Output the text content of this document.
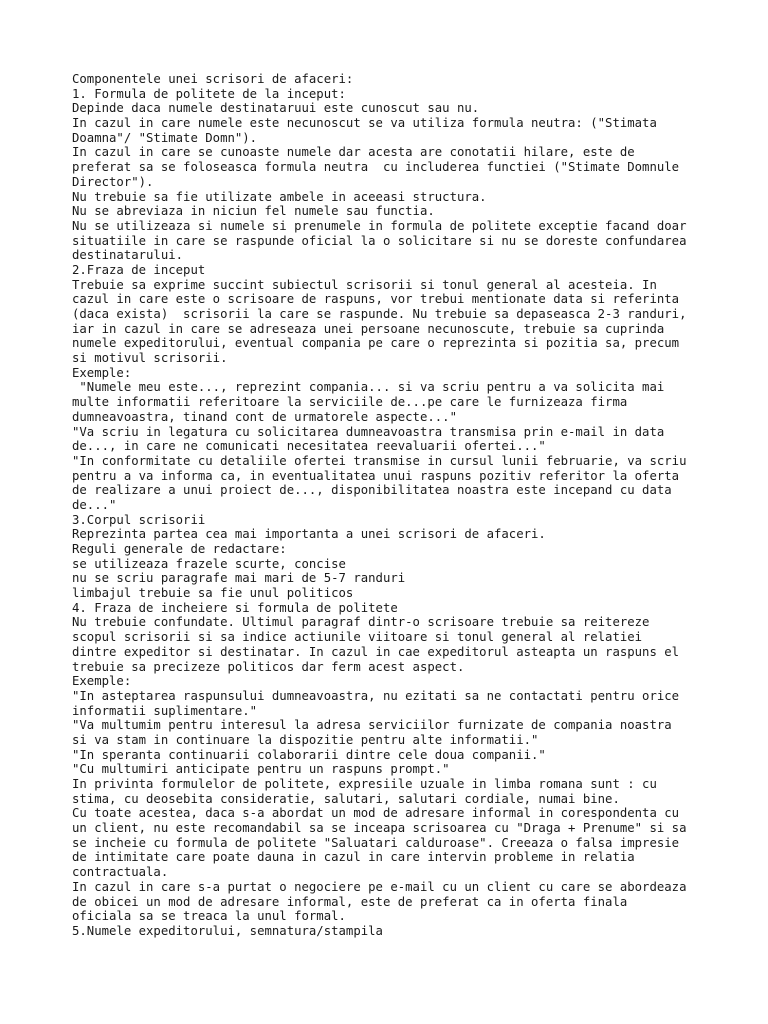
Componentele unei scrisori de afaceri:
1. Formula de politete de la inceput:
Depinde daca numele destinataruui este cunoscut sau nu.
In cazul in care numele este necunoscut se va utiliza formula neutra: ("Stimata
Doamna"/ "Stimate Domn").
In cazul in care se cunoaste numele dar acesta are conotatii hilare, este de
preferat sa se foloseasca formula neutra  cu includerea functiei ("Stimate Domnule
Director").
Nu trebuie sa fie utilizate ambele in aceeasi structura.
Nu se abreviaza in niciun fel numele sau functia.
Nu se utilizeaza si numele si prenumele in formula de politete exceptie facand doar
situatiile in care se raspunde oficial la o solicitare si nu se doreste confundarea
destinatarului.
2.Fraza de inceput
Trebuie sa exprime succint subiectul scrisorii si tonul general al acesteia. In
cazul in care este o scrisoare de raspuns, vor trebui mentionate data si referinta
(daca exista)  scrisorii la care se raspunde. Nu trebuie sa depaseasca 2-3 randuri,
iar in cazul in care se adreseaza unei persoane necunoscute, trebuie sa cuprinda
numele expeditorului, eventual compania pe care o reprezinta si pozitia sa, precum
si motivul scrisorii.
Exemple:
"Numele meu este..., reprezint compania... si va scriu pentru a va solicita mai
multe informatii referitoare la serviciile de...pe care le furnizeaza firma
dumneavoastra, tinand cont de urmatorele aspecte..."
"Va scriu in legatura cu solicitarea dumneavoastra transmisa prin e-mail in data
de..., in care ne comunicati necesitatea reevaluarii ofertei..."
"In conformitate cu detaliile ofertei transmise in cursul lunii februarie, va scriu
pentru a va informa ca, in eventualitatea unui raspuns pozitiv referitor la oferta
de realizare a unui proiect de..., disponibilitatea noastra este incepand cu data
de..."
3.Corpul scrisorii
Reprezinta partea cea mai importanta a unei scrisori de afaceri.
Reguli generale de redactare:
se utilizeaza frazele scurte, concise
nu se scriu paragrafe mai mari de 5-7 randuri
limbajul trebuie sa fie unul politicos
4. Fraza de incheiere si formula de politete
Nu trebuie confundate. Ultimul paragraf dintr-o scrisoare trebuie sa reitereze
scopul scrisorii si sa indice actiunile viitoare si tonul general al relatiei
dintre expeditor si destinatar. In cazul in cae expeditorul asteapta un raspuns el
trebuie sa precizeze politicos dar ferm acest aspect.
Exemple:
"In asteptarea raspunsului dumneavoastra, nu ezitati sa ne contactati pentru orice
informatii suplimentare."
"Va multumim pentru interesul la adresa serviciilor furnizate de compania noastra
si va stam in continuare la dispozitie pentru alte informatii."
"In speranta continuarii colaborarii dintre cele doua companii."
"Cu multumiri anticipate pentru un raspuns prompt."
In privinta formulelor de politete, expresiile uzuale in limba romana sunt : cu
stima, cu deosebita consideratie, salutari, salutari cordiale, numai bine.
Cu toate acestea, daca s-a abordat un mod de adresare informal in corespondenta cu
un client, nu este recomandabil sa se inceapa scrisoarea cu "Draga + Prenume" si sa
se incheie cu formula de politete "Saluatari calduroase". Creeaza o falsa impresie
de intimitate care poate dauna in cazul in care intervin probleme in relatia
contractuala.
In cazul in care s-a purtat o negociere pe e-mail cu un client cu care se abordeaza
de obicei un mod de adresare informal, este de preferat ca in oferta finala
oficiala sa se treaca la unul formal.
5.Numele expeditorului, semnatura/stampila
